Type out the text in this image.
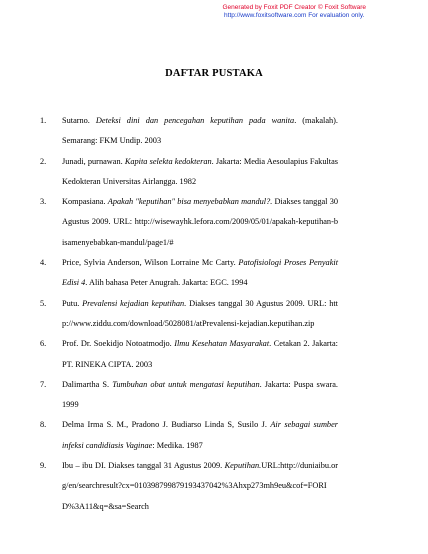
Generated by Foxit PDF Creator © Foxit Software
http://www.foxitsoftware.com For evaluation only.
DAFTAR PUSTAKA
1. Sutarno. Deteksi dini dan pencegahan keputihan pada wanita. (makalah). Semarang: FKM Undip. 2003
2. Junadi, purnawan. Kapita selekta kedokteran. Jakarta: Media Aesoulapius Fakultas Kedokteran Universitas Airlangga. 1982
3. Kompasiana. Apakah "keputihan" bisa menyebabkan mandul?. Diakses tanggal 30 Agustus 2009. URL: http://wisewayhk.lefora.com/2009/05/01/apakah-keputihan-bisamenyebabkan-mandul/page1/#
4. Price, Sylvia Anderson, Wilson Lorraine Mc Carty. Patofisiologi Proses Penyakit Edisi 4. Alih bahasa Peter Anugrah. Jakarta: EGC. 1994
5. Putu. Prevalensi kejadian keputihan. Diakses tanggal 30 Agustus 2009. URL: http://www.ziddu.com/download/5028081/atPrevalensi-kejadian.keputihan.zip
6. Prof. Dr. Soekidjo Notoatmodjo. Ilmu Kesehatan Masyarakat. Cetakan 2. Jakarta: PT. RINEKA CIPTA. 2003
7. Dalimartha S. Tumbuhan obat untuk mengatasi keputihan. Jakarta: Puspa swara. 1999
8. Delma Irma S. M., Pradono J. Budiarso Linda S, Susilo J. Air sebagai sumber infeksi candidiasis Vaginae: Medika. 1987
9. Ibu – ibu DI. Diakses tanggal 31 Agustus 2009. Keputihan.URL:http://duniaibu.org/en/searchresult?cx=010398799879193437042%3Ahxp273mh9eu&cof=FORID%3A11&q=&sa=Search
